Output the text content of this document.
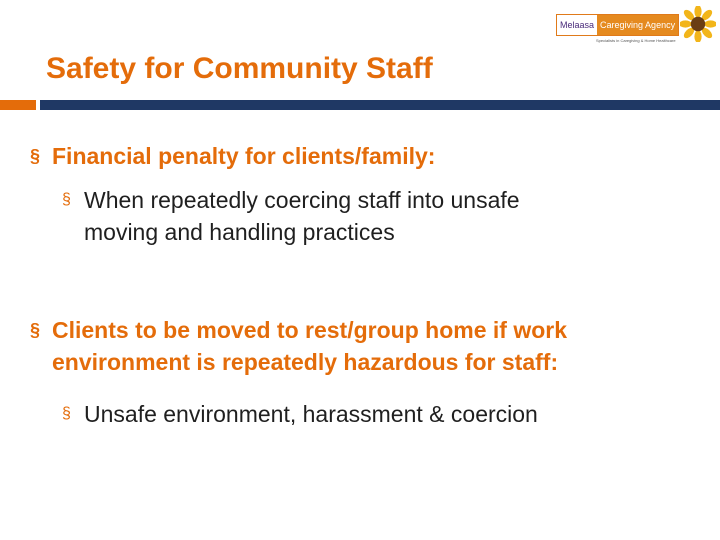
Melaasa Caregiving Agency
Specialists in Caregiving & Home Healthcare
Safety for Community Staff
§ Financial penalty for clients/family:
§ When repeatedly coercing staff into unsafe moving and handling practices
§ Clients to be moved to rest/group home if work environment is repeatedly hazardous for staff:
§ Unsafe environment, harassment & coercion
